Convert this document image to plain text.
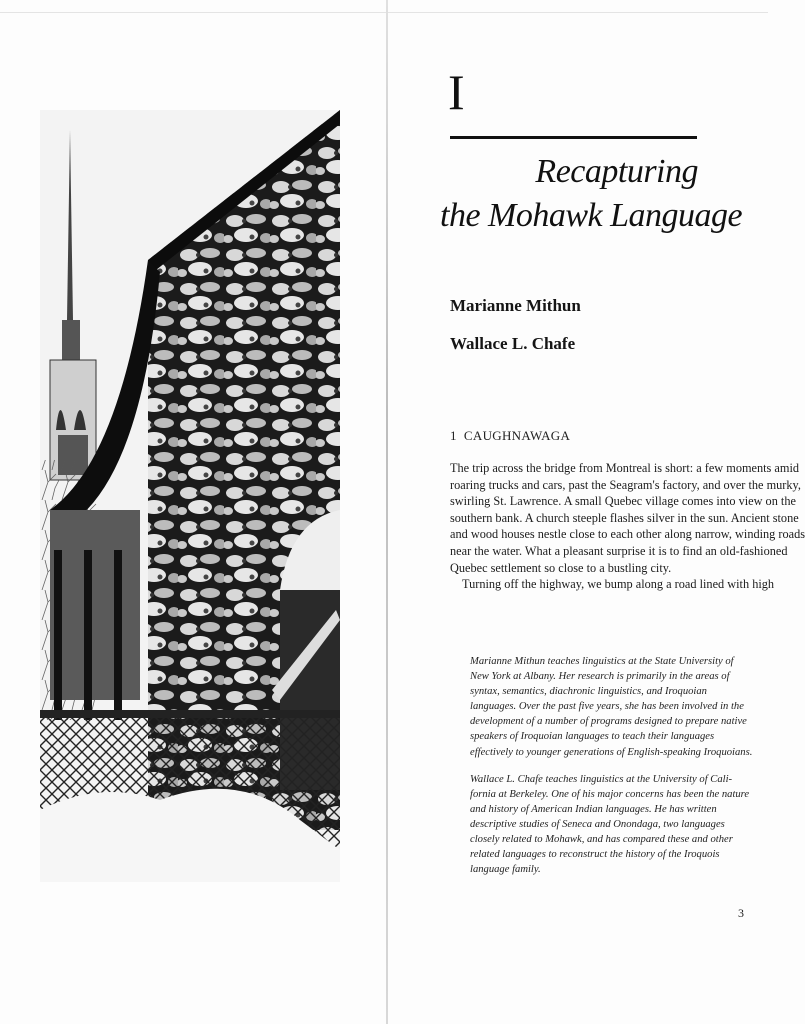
I
Recapturing
the Mohawk Language
Marianne Mithun
Wallace L. Chafe
1 CAUGHNAWAGA
The trip across the bridge from Montreal is short: a few moments amid
roaring trucks and cars, past the Seagram's factory, and over the murky,
swirling St. Lawrence. A small Quebec village comes into view on the
southern bank. A church steeple flashes silver in the sun. Ancient stone
and wood houses nestle close to each other along narrow, winding roads
near the water. What a pleasant surprise it is to find an old-fashioned
Quebec settlement so close to a bustling city.
Turning off the highway, we bump along a road lined with high
Marianne Mithun teaches linguistics at the State University of
New York at Albany. Her research is primarily in the areas of
syntax, semantics, diachronic linguistics, and Iroquoian
languages. Over the past five years, she has been involved in the
development of a number of programs designed to prepare native
speakers of Iroquoian languages to teach their languages
effectively to younger generations of English-speaking Iroquoians.
Wallace L. Chafe teaches linguistics at the University of Cali-
fornia at Berkeley. One of his major concerns has been the nature
and history of American Indian languages. He has written
descriptive studies of Seneca and Onondaga, two languages
closely related to Mohawk, and has compared these and other
related languages to reconstruct the history of the Iroquois
language family.
3
